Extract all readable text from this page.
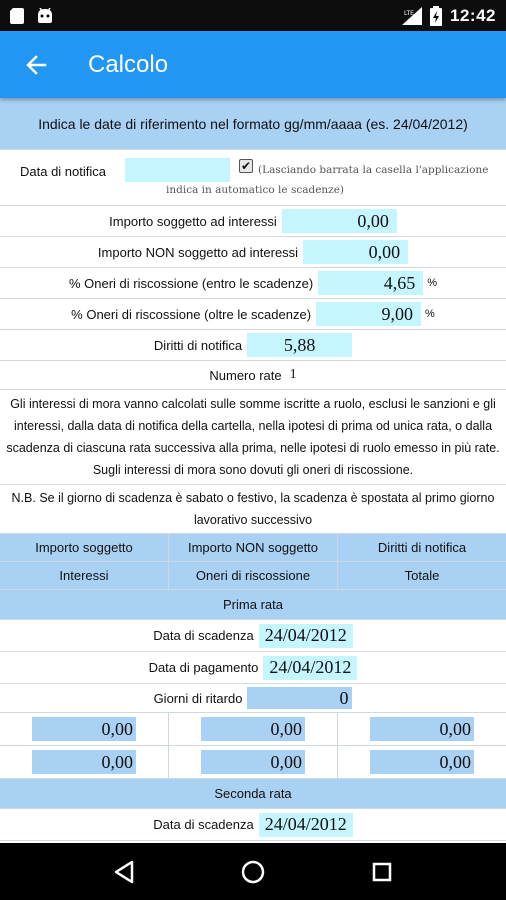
LTE 12:42
Calcolo
Indica le date di riferimento nel formato gg/mm/aaaa (es. 24/04/2012)
Data di notifica	(Lasciando barrata la casella l'applicazione indica in automatico le scadenze)
✔
Importo soggetto ad interessi	0,00
Importo NON soggetto ad interessi	0,00
% Oneri di riscossione (entro le scadenze)	4,65	%
% Oneri di riscossione (oltre le scadenze)	9,00	%
Diritti di notifica	5,88
Numero rate 1
Gli interessi di mora vanno calcolati sulle somme iscritte a ruolo, esclusi le sanzioni e gli interessi, dalla data di notifica della cartella, nella ipotesi di prima od unica rata, o dalla scadenza di ciascuna rata successiva alla prima, nelle ipotesi di ruolo emesso in più rate. Sugli interessi di mora sono dovuti gli oneri di riscossione.
N.B. Se il giorno di scadenza è sabato o festivo, la scadenza è spostata al primo giorno lavorativo successivo
Importo soggetto	Importo NON soggetto	Diritti di notifica
Interessi	Oneri di riscossione	Totale
Prima rata
Data di scadenza 24/04/2012
Data di pagamento 24/04/2012
Giorni di ritardo	0
0,00	0,00	0,00
0,00	0,00	0,00
Seconda rata
Data di scadenza 24/04/2012
